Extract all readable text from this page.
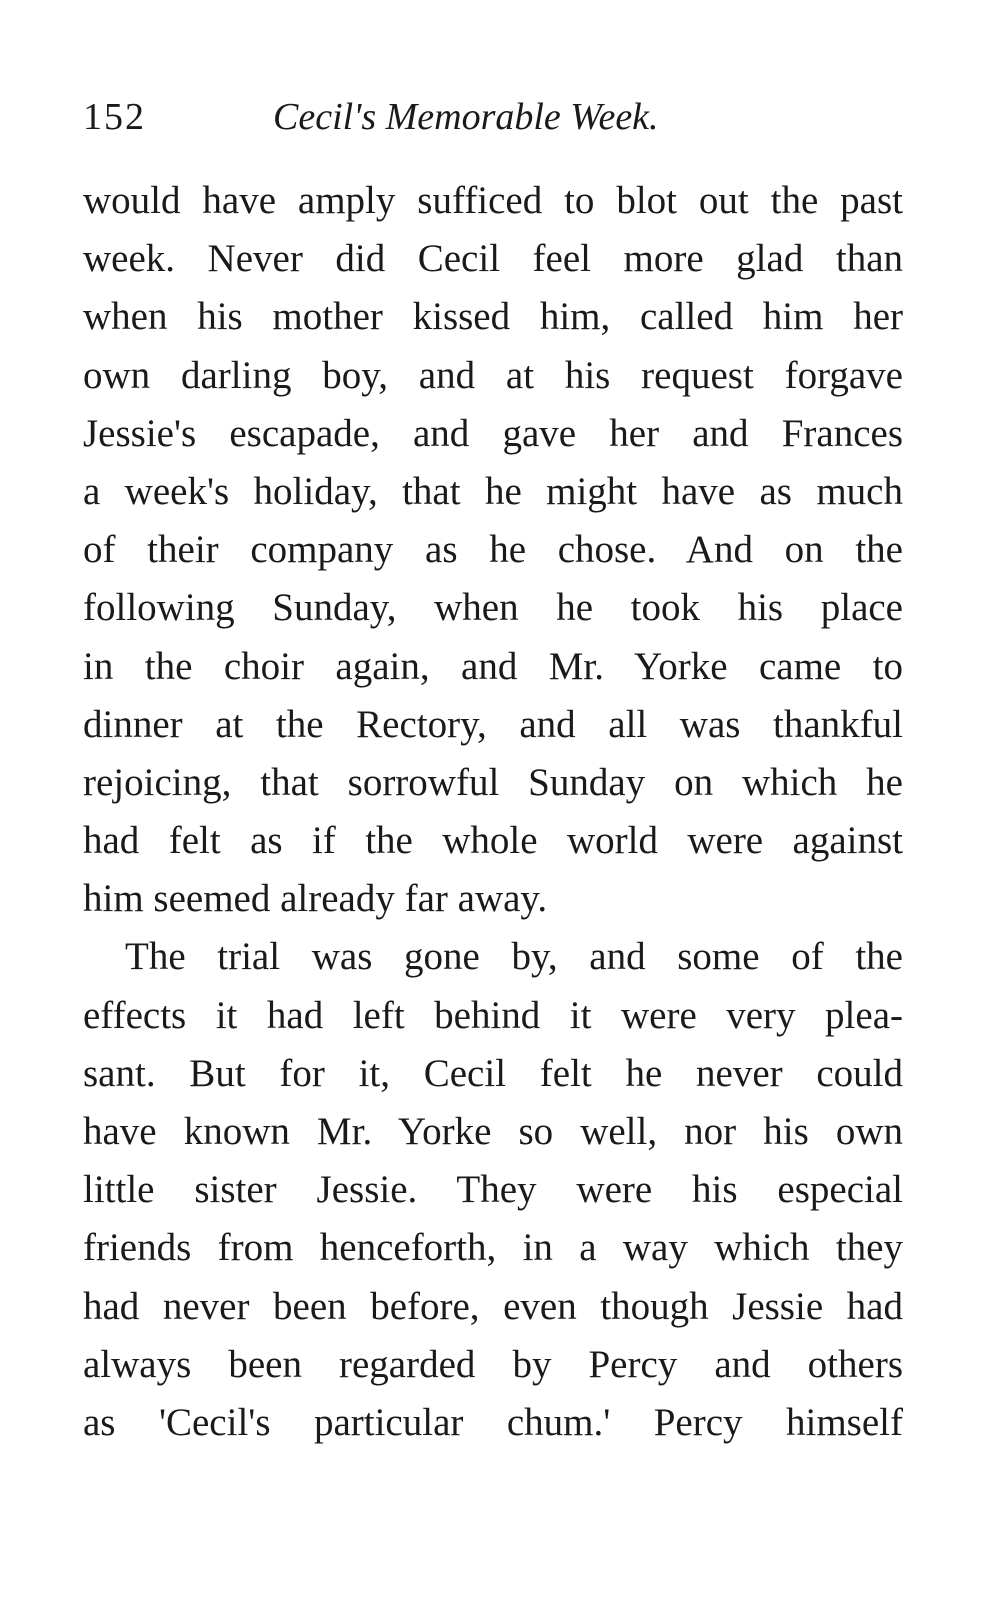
152	Cecil's Memorable Week.
would have amply sufficed to blot out the past
week. Never did Cecil feel more glad than
when his mother kissed him, called him her
own darling boy, and at his request forgave
Jessie's escapade, and gave her and Frances
a week's holiday, that he might have as much
of their company as he chose. And on the
following Sunday, when he took his place
in the choir again, and Mr. Yorke came to
dinner at the Rectory, and all was thankful
rejoicing, that sorrowful Sunday on which he
had felt as if the whole world were against
him seemed already far away.
The trial was gone by, and some of the
effects it had left behind it were very plea-
sant. But for it, Cecil felt he never could
have known Mr. Yorke so well, nor his own
little sister Jessie. They were his especial
friends from henceforth, in a way which they
had never been before, even though Jessie had
always been regarded by Percy and others
as 'Cecil's particular chum.' Percy himself
